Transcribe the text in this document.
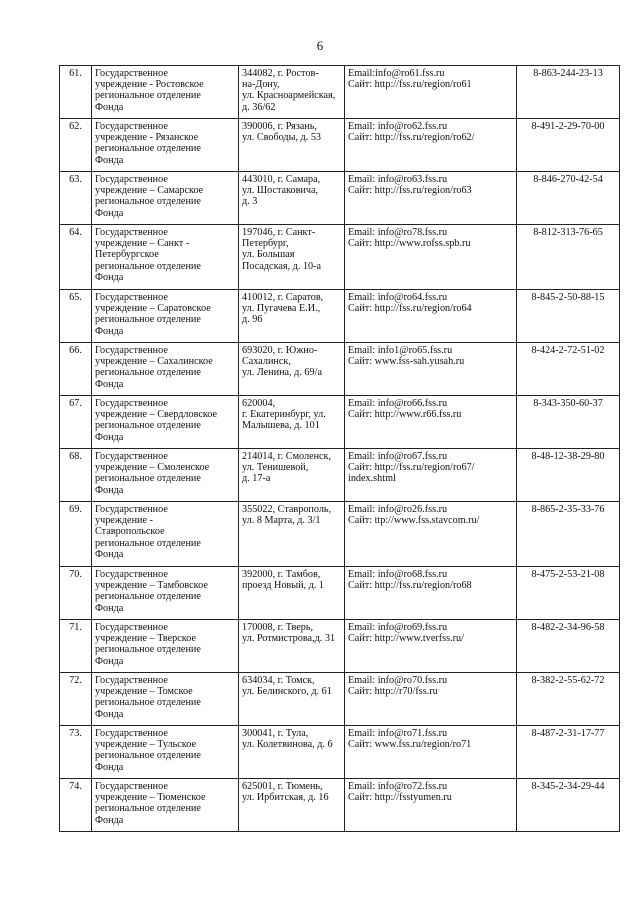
6
61.	Государственное
учреждение - Ростовское
региональное отделение
Фонда	344082, г. Ростов-
на-Дону,
ул. Красноармейская,
д. 36/62	Email:info@ro61.fss.ru
Сайт: http://fss.ru/region/ro61	8-863-244-23-13
62.	Государственное
учреждение - Рязанское
региональное отделение
Фонда	390006, г. Рязань,
ул. Свободы, д. 53	Email: info@ro62.fss.ru
Сайт: http://fss.ru/region/ro62/	8-491-2-29-70-00
63.	Государственное
учреждение – Самарское
региональное отделение
Фонда	443010, г. Самара,
ул. Шостаковича,
д. 3	Email: info@ro63.fss.ru
Сайт: http://fss.ru/region/ro63	8-846-270-42-54
64.	Государственное
учреждение – Санкт -
Петербургское
региональное отделение
Фонда	197046, г. Санкт-
Петербург,
ул. Большая
Посадская, д. 10-а	Email: info@ro78.fss.ru
Сайт: http://www.rofss.spb.ru	8-812-313-76-65
65.	Государственное
учреждение – Саратовское
региональное отделение
Фонда	410012, г. Саратов,
ул. Пугачева Е.И.,
д. 96	Email: info@ro64.fss.ru
Сайт: http://fss.ru/region/ro64	8-845-2-50-88-15
66.	Государственное
учреждение – Сахалинское
региональное отделение
Фонда	693020, г. Южно-
Сахалинск,
ул. Ленина, д. 69/а	Email: info1@ro65.fss.ru
Сайт: www.fss-sah.yusah.ru	8-424-2-72-51-02
67.	Государственное
учреждение – Свердловское
региональное отделение
Фонда	620004,
г. Екатеринбург, ул.
Малышева, д. 101	Email: info@ro66.fss.ru
Сайт: http://www.r66.fss.ru	8-343-350-60-37
68.	Государственное
учреждение – Смоленское
региональное отделение
Фонда	214014, г. Смоленск,
ул. Тенишевой,
д. 17-а	Email: info@ro67.fss.ru
Сайт: http://fss.ru/region/ro67/
index.shtml	8-48-12-38-29-80
69.	Государственное
учреждение -
Ставропольское
региональное отделение
Фонда	355022, Ставрополь,
ул. 8 Марта, д. 3/1	Email: info@ro26.fss.ru
Сайт: ttp://www.fss.stavcom.ru/	8-865-2-35-33-76
70.	Государственное
учреждение – Тамбовское
региональное отделение
Фонда	392000, г. Тамбов,
проезд Новый, д. 1	Email: info@ro68.fss.ru
Сайт: http://fss.ru/region/ro68	8-475-2-53-21-08
71.	Государственное
учреждение – Тверское
региональное отделение
Фонда	170008, г. Тверь,
ул. Ротмистрова,д. 31	Email: info@ro69.fss.ru
Сайт: http://www.tverfss.ru/	8-482-2-34-96-58
72.	Государственное
учреждение – Томское
региональное отделение
Фонда	634034, г. Томск,
ул. Белинского, д. 61	Email: info@ro70.fss.ru
Сайт: http://r70/fss.ru	8-382-2-55-62-72
73.	Государственное
учреждение – Тульское
региональное отделение
Фонда	300041, г. Тула,
ул. Колетвинова, д. 6	Email: info@ro71.fss.ru
Сайт: www.fss.ru/region/ro71	8-487-2-31-17-77
74.	Государственное
учреждение – Тюменское
региональное отделение
Фонда	625001, г. Тюмень,
ул. Ирбитская, д. 16	Email: info@ro72.fss.ru
Сайт: http://fsstyumen.ru	8-345-2-34-29-44
